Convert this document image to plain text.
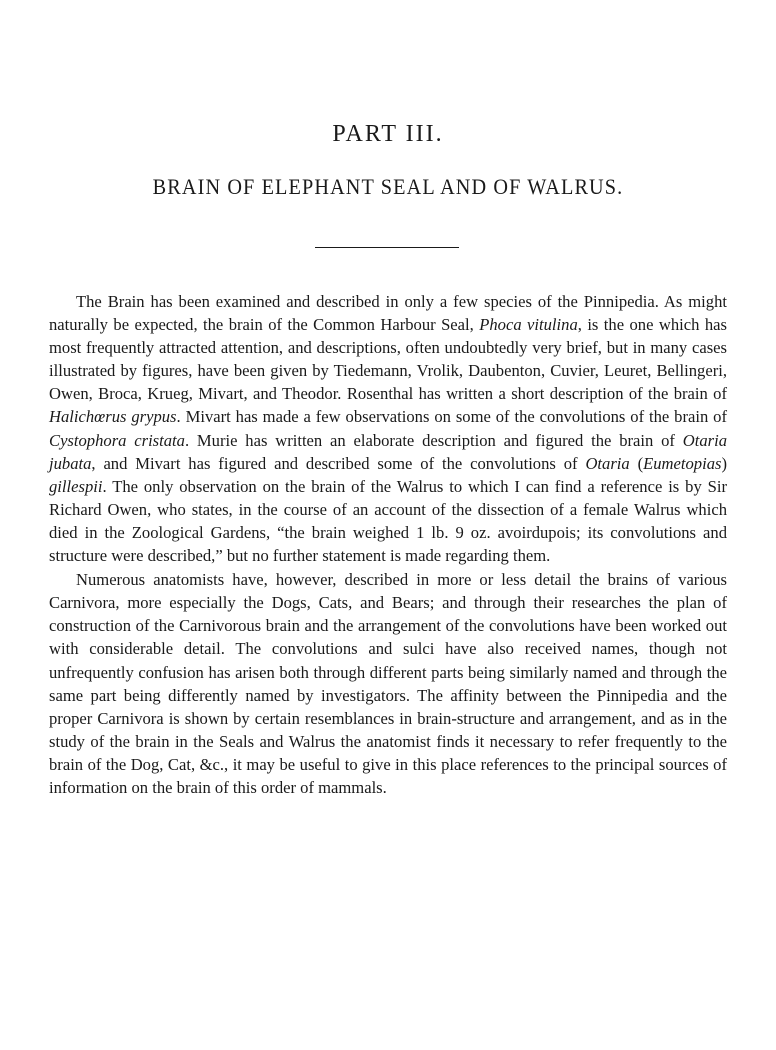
PART III.
BRAIN OF ELEPHANT SEAL AND OF WALRUS.

The Brain has been examined and described in only a few species of the Pinnipedia. As might naturally be expected, the brain of the Common Harbour Seal, Phoca vitulina, is the one which has most frequently attracted attention, and descriptions, often undoubtedly very brief, but in many cases illustrated by figures, have been given by Tiedemann, Vrolik, Daubenton, Cuvier, Leuret, Bellingeri, Owen, Broca, Krueg, Mivart, and Theodor. Rosenthal has written a short description of the brain of Halichœrus grypus. Mivart has made a few observations on some of the convolutions of the brain of Cystophora cristata. Murie has written an elaborate description and figured the brain of Otaria jubata, and Mivart has figured and described some of the convolutions of Otaria (Eumetopias) gillespii. The only observation on the brain of the Walrus to which I can find a reference is by Sir Richard Owen, who states, in the course of an account of the dissection of a female Walrus which died in the Zoological Gardens, “the brain weighed 1 lb. 9 oz. avoirdupois; its convolutions and structure were described,” but no further statement is made regarding them.

Numerous anatomists have, however, described in more or less detail the brains of various Carnivora, more especially the Dogs, Cats, and Bears; and through their researches the plan of construction of the Carnivorous brain and the arrangement of the convolutions have been worked out with considerable detail. The convolutions and sulci have also received names, though not unfrequently confusion has arisen both through different parts being similarly named and through the same part being differently named by investigators. The affinity between the Pinnipedia and the proper Carnivora is shown by certain resemblances in brain-structure and arrangement, and as in the study of the brain in the Seals and Walrus the anatomist finds it necessary to refer frequently to the brain of the Dog, Cat, &c., it may be useful to give in this place references to the principal sources of information on the brain of this order of mammals.
